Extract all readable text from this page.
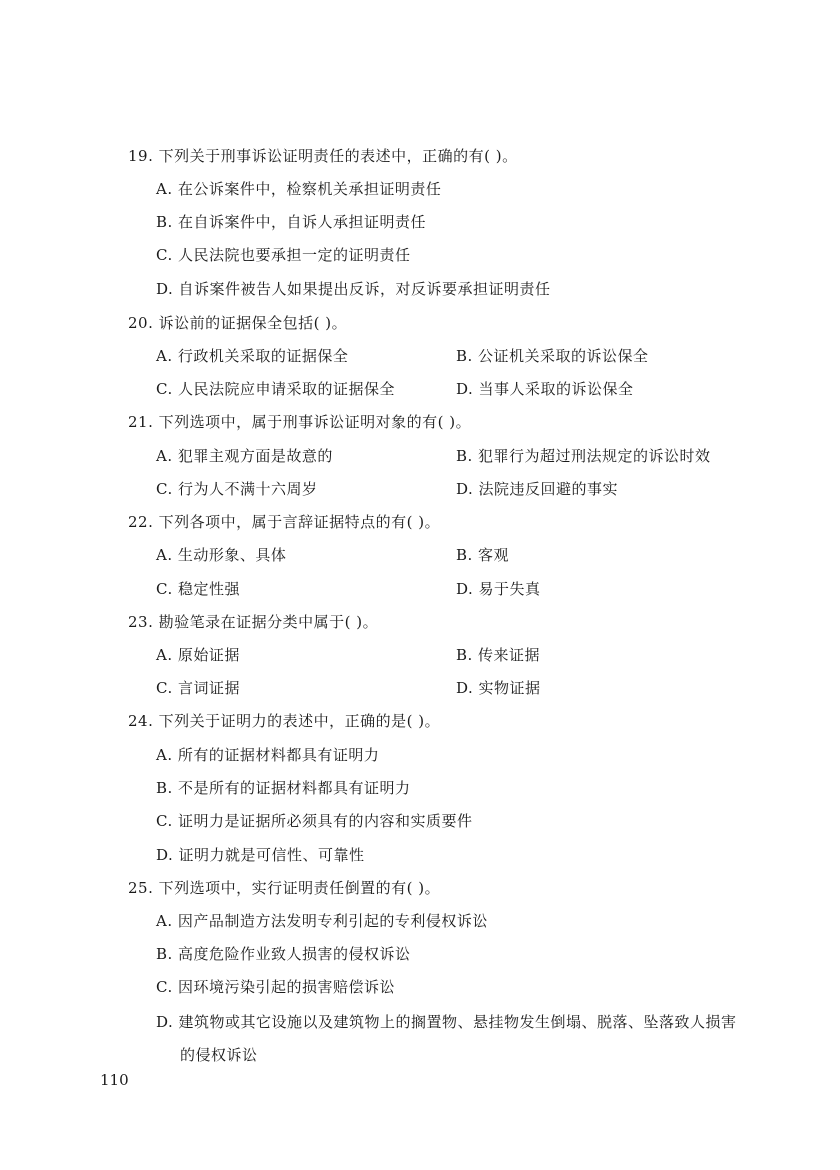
19. 下列关于刑事诉讼证明责任的表述中，正确的有( )。
A. 在公诉案件中，检察机关承担证明责任
B. 在自诉案件中，自诉人承担证明责任
C. 人民法院也要承担一定的证明责任
D. 自诉案件被告人如果提出反诉，对反诉要承担证明责任
20. 诉讼前的证据保全包括( )。
A. 行政机关采取的证据保全	B. 公证机关采取的诉讼保全
C. 人民法院应申请采取的证据保全	D. 当事人采取的诉讼保全
21. 下列选项中，属于刑事诉讼证明对象的有( )。
A. 犯罪主观方面是故意的	B. 犯罪行为超过刑法规定的诉讼时效
C. 行为人不满十六周岁	D. 法院违反回避的事实
22. 下列各项中，属于言辞证据特点的有( )。
A. 生动形象、具体	B. 客观
C. 稳定性强	D. 易于失真
23. 勘验笔录在证据分类中属于( )。
A. 原始证据	B. 传来证据
C. 言词证据	D. 实物证据
24. 下列关于证明力的表述中，正确的是( )。
A. 所有的证据材料都具有证明力
B. 不是所有的证据材料都具有证明力
C. 证明力是证据所必须具有的内容和实质要件
D. 证明力就是可信性、可靠性
25. 下列选项中，实行证明责任倒置的有( )。
A. 因产品制造方法发明专利引起的专利侵权诉讼
B. 高度危险作业致人损害的侵权诉讼
C. 因环境污染引起的损害赔偿诉讼
D. 建筑物或其它设施以及建筑物上的搁置物、悬挂物发生倒塌、脱落、坠落致人损害
的侵权诉讼
110
